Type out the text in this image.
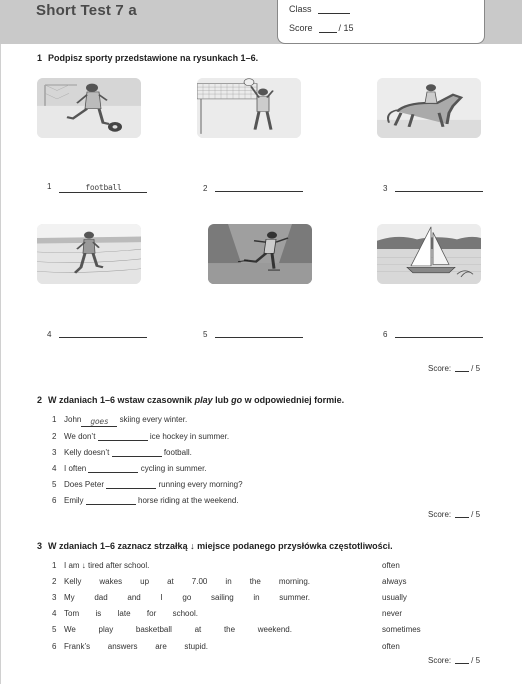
Short Test 7 a	Class
Score	/ 15
1 Podpisz sporty przedstawione na rysunkach 1–6.
1	football	2	3
4	5	6
Score:	/ 5
2 W zdaniach 1–6 wstaw czasownik play lub go w odpowiedniej formie.
1 John goes skiing every winter.
2 We don’t	ice hockey in summer.
3 Kelly doesn’t	football.
4 I often	cycling in summer.
5 Does Peter	running every morning?
6 Emily	horse riding at the weekend.
Score:	/ 5
3 W zdaniach 1–6 zaznacz strzałką ↓ miejsce podanego przysłówka częstotliwości.
1 I am ↓ tired after school.	often
2 Kelly wakes up at 7.00 in the morning.	always
3 My dad and I go sailing in summer.	usually
4 Tom is late for school.	never
5 We	play	basketball	at	the	weekend.	sometimes
6 Frank’s answers are stupid.	often
Score:	/ 5
